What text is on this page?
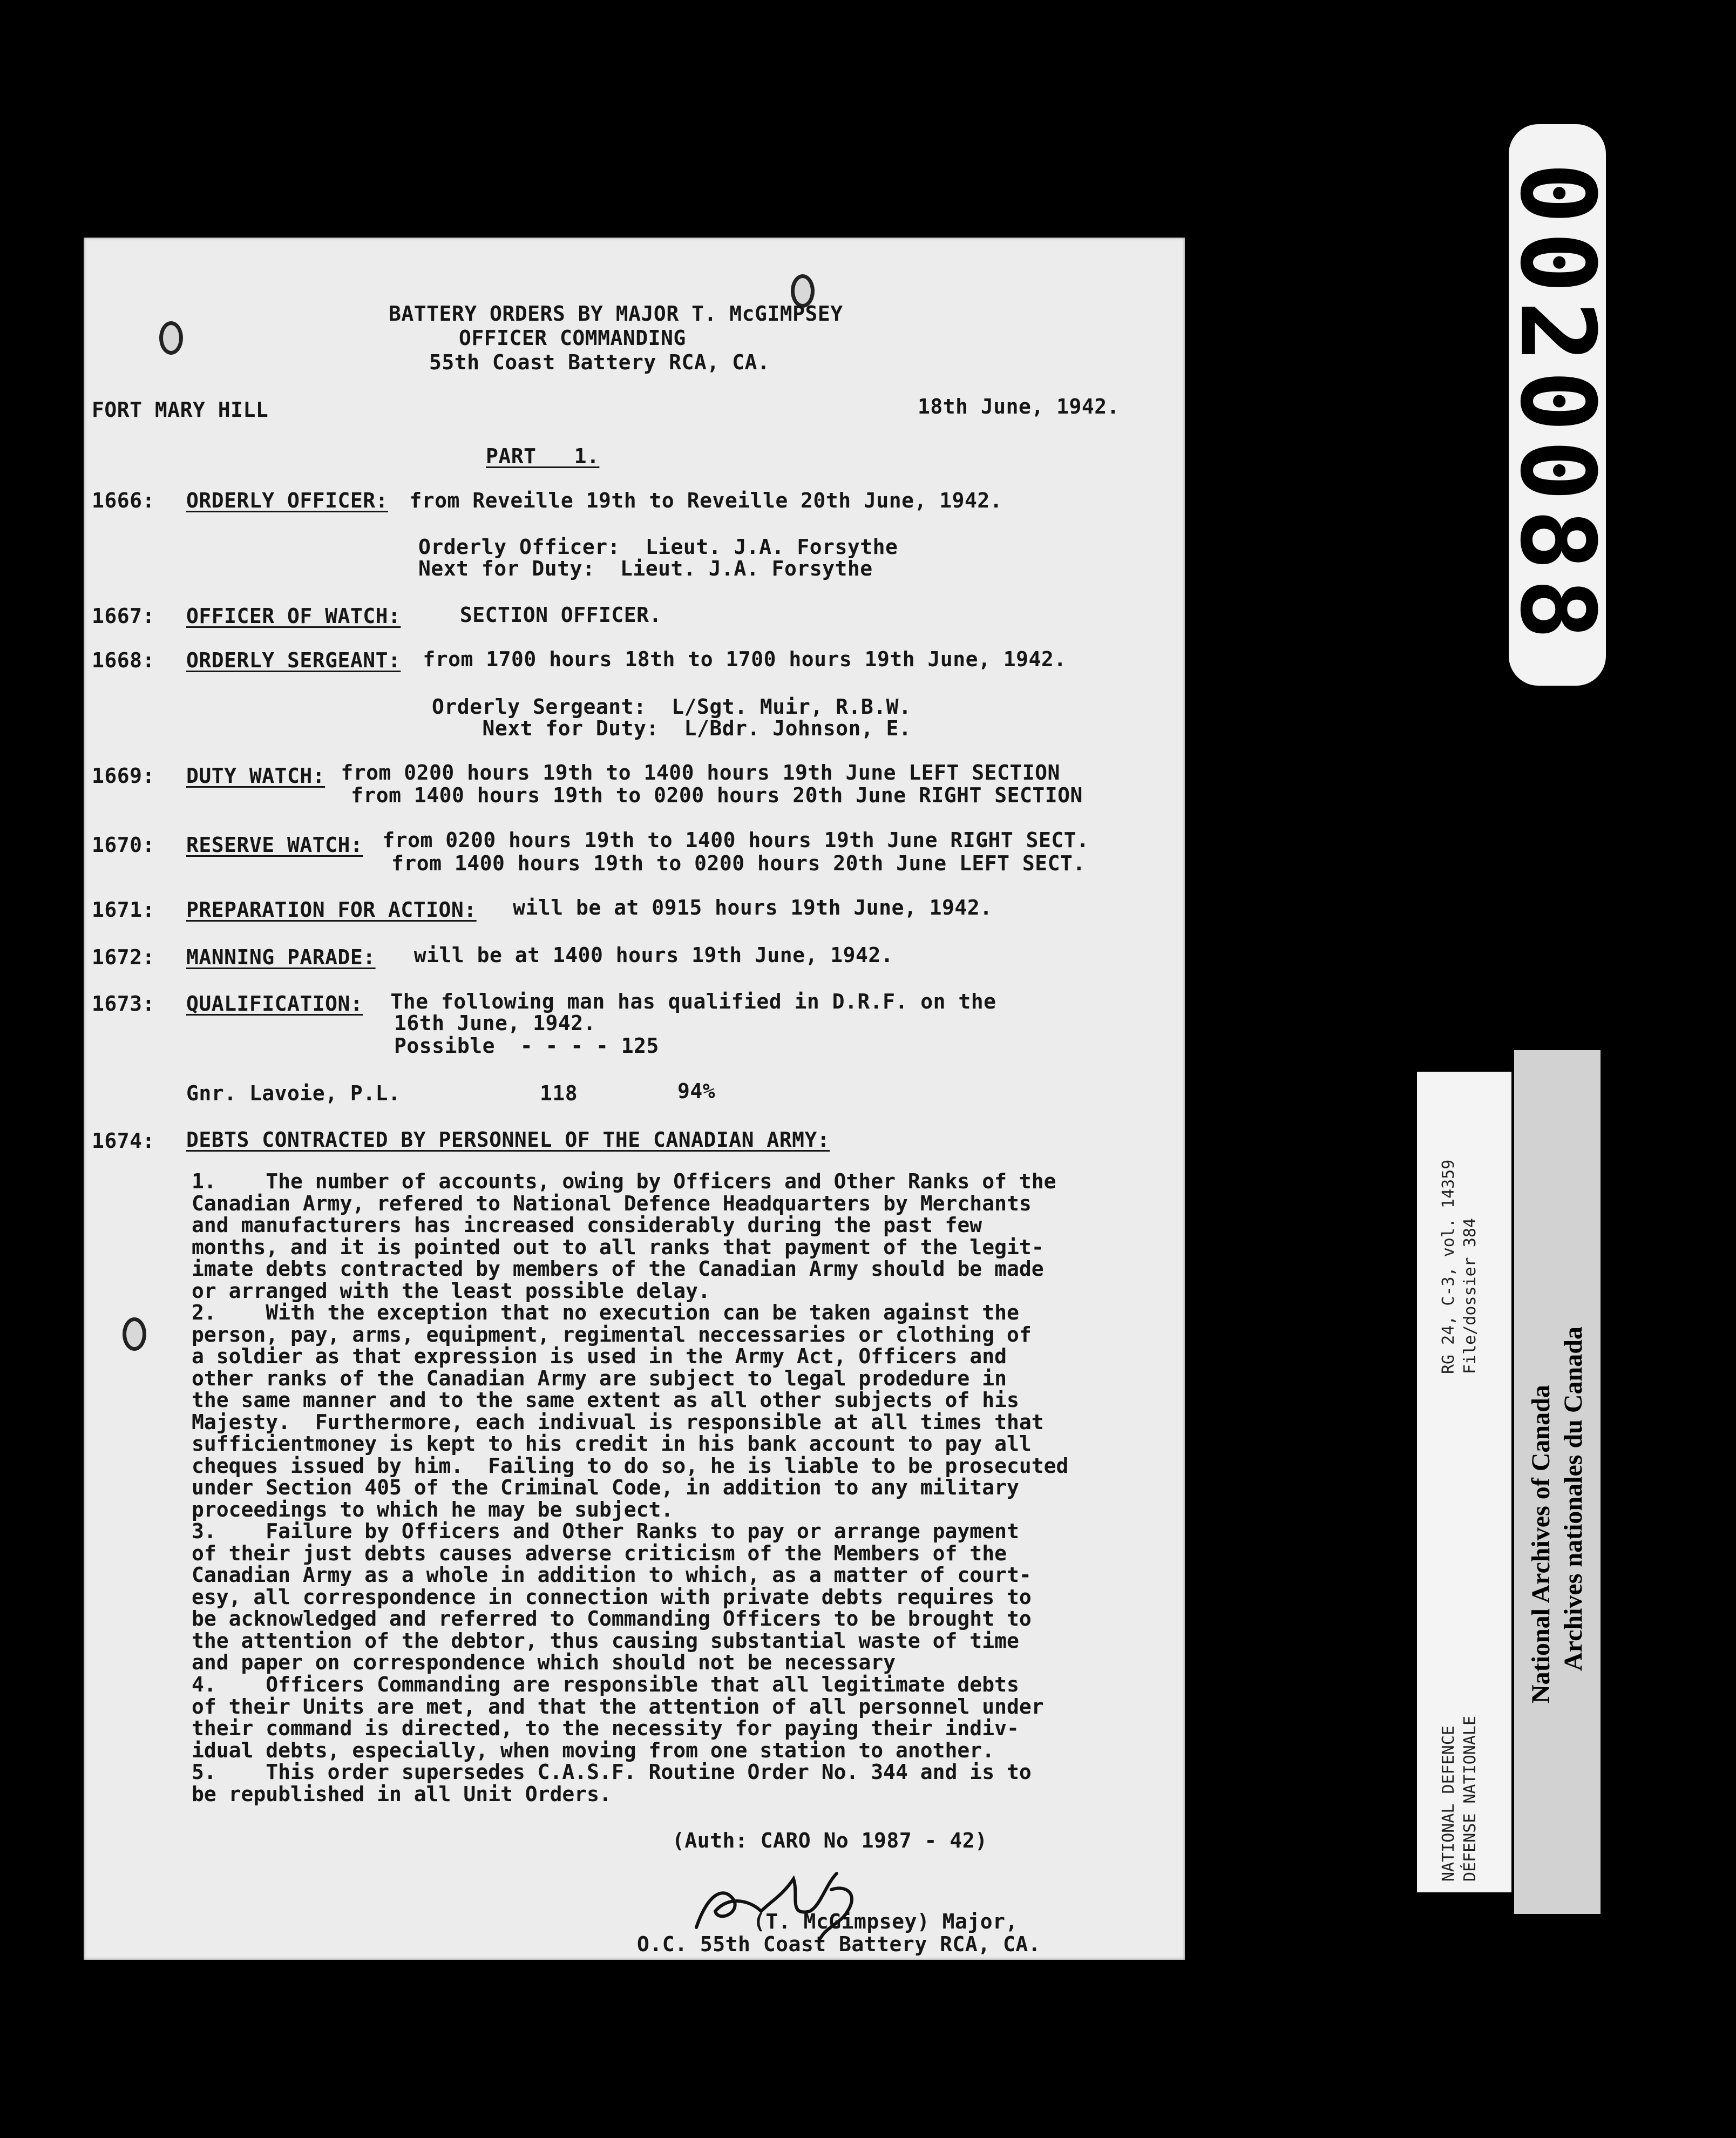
BATTERY ORDERS BY MAJOR T. McGIMPSEY
OFFICER COMMANDING
55th Coast Battery RCA, CA.
FORT MARY HILL	18th June, 1942.
PART   1.
1666: ORDERLY OFFICER: from Reveille 19th to Reveille 20th June, 1942.
Orderly Officer:  Lieut. J.A. Forsythe
Next for Duty:  Lieut. J.A. Forsythe
1667: OFFICER OF WATCH:
SECTION OFFICER.
1668: ORDERLY SERGEANT: from 1700 hours 18th to 1700 hours 19th June, 1942.
Orderly Sergeant:  L/Sgt. Muir, R.B.W.
Next for Duty:  L/Bdr. Johnson, E.
1669: DUTY WATCH: from 0200 hours 19th to 1400 hours 19th June LEFT SECTION
from 1400 hours 19th to 0200 hours 20th June RIGHT SECTION
1670: RESERVE WATCH: from 0200 hours 19th to 1400 hours 19th June RIGHT SECT.
from 1400 hours 19th to 0200 hours 20th June LEFT SECT.
1671: PREPARATION FOR ACTION:
will be at 0915 hours 19th June, 1942.
1672: MANNING PARADE: will be at 1400 hours 19th June, 1942.
1673: QUALIFICATION: The following man has qualified in D.R.F. on the
16th June, 1942.
Possible  - - - - 125
Gnr. Lavoie, P.L.	118	94%
1674: DEBTS CONTRACTED BY PERSONNEL OF THE CANADIAN ARMY:
1.    The number of accounts, owing by Officers and Other Ranks of the
Canadian Army, refered to National Defence Headquarters by Merchants
and manufacturers has increased considerably during the past few
months, and it is pointed out to all ranks that payment of the legit-
imate debts contracted by members of the Canadian Army should be made
or arranged with the least possible delay.
2.    With the exception that no execution can be taken against the
person, pay, arms, equipment, regimental neccessaries or clothing of
a soldier as that expression is used in the Army Act, Officers and
other ranks of the Canadian Army are subject to legal prodedure in
the same manner and to the same extent as all other subjects of his
Majesty.  Furthermore, each indivual is responsible at all times that
sufficientmoney is kept to his credit in his bank account to pay all
cheques issued by him.  Failing to do so, he is liable to be prosecuted
under Section 405 of the Criminal Code, in addition to any military
proceedings to which he may be subject.
3.    Failure by Officers and Other Ranks to pay or arrange payment
of their just debts causes adverse criticism of the Members of the
Canadian Army as a whole in addition to which, as a matter of court-
esy, all correspondence in connection with private debts requires to
be acknowledged and referred to Commanding Officers to be brought to
the attention of the debtor, thus causing substantial waste of time
and paper on correspondence which should not be necessary
4.    Officers Commanding are responsible that all legitimate debts
of their Units are met, and that the attention of all personnel under
their command is directed, to the necessity for paying their indiv-
idual debts, especially, when moving from one station to another.
5.    This order supersedes C.A.S.F. Routine Order No. 344 and is to
be republished in all Unit Orders.
(Auth: CARO No 1987 - 42)
(T. McGimpsey) Major,
O.C. 55th Coast Battery RCA, CA.
0020088
RG 24, C-3, vol. 14359 File/dossier 384
NATIONAL DEFENCE DÉFENSE NATIONALE
National Archives of Canada Archives nationales du Canada
